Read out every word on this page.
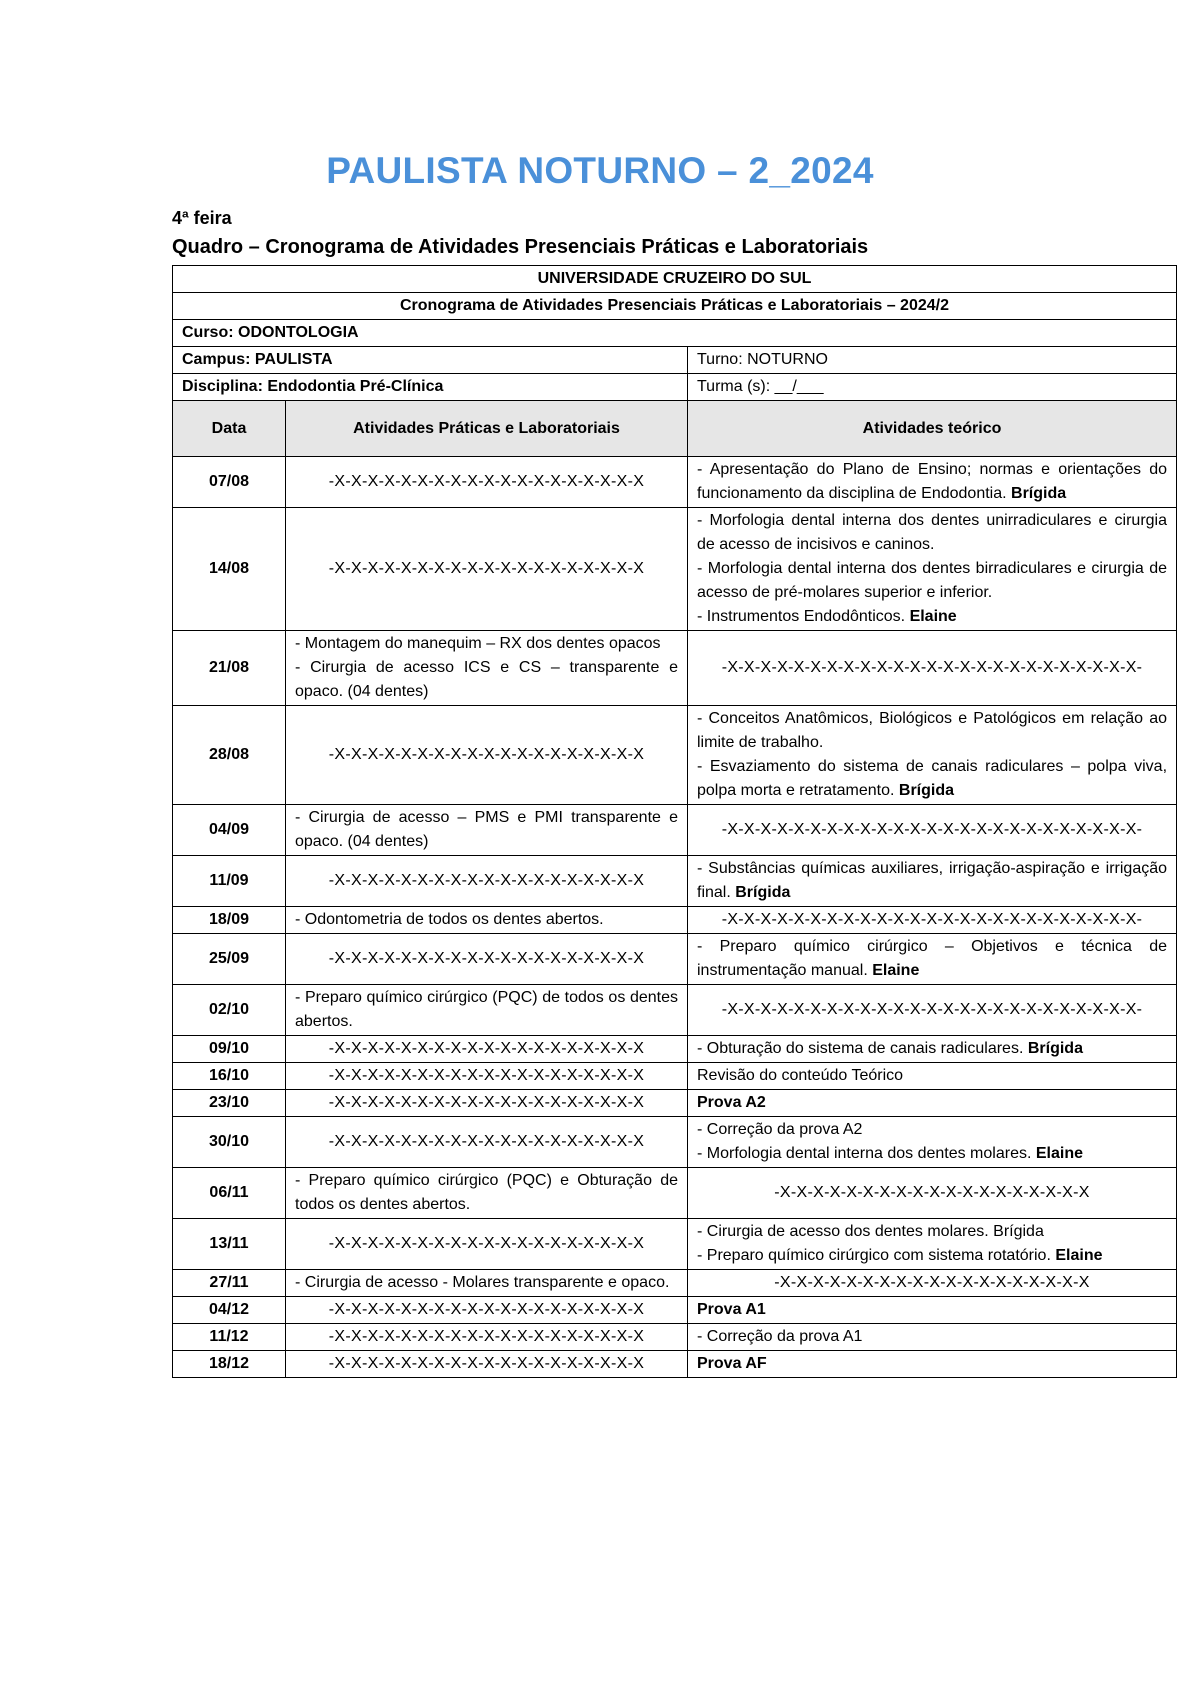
PAULISTA NOTURNO – 2_2024
4ª feira
Quadro – Cronograma de Atividades Presenciais Práticas e Laboratoriais
UNIVERSIDADE CRUZEIRO DO SUL		
Cronograma de Atividades Presenciais Práticas e Laboratoriais – 2024/2		
Curso: ODONTOLOGIA		
Campus: PAULISTA		Turno: NOTURNO
Disciplina: Endodontia Pré-Clínica		Turma (s): __/___
Data	Atividades Práticas e Laboratoriais	Atividades teórico
07/08	-X-X-X-X-X-X-X-X-X-X-X-X-X-X-X-X-X-X-X	- Apresentação do Plano de Ensino; normas e orientações do funcionamento da disciplina de Endodontia. Brígida
14/08	-X-X-X-X-X-X-X-X-X-X-X-X-X-X-X-X-X-X-X	- Morfologia dental interna dos dentes unirradiculares e cirurgia de acesso de incisivos e caninos.
- Morfologia dental interna dos dentes birradiculares e cirurgia de acesso de pré-molares superior e inferior.
- Instrumentos Endodônticos. Elaine
21/08	- Montagem do manequim – RX dos dentes opacos
- Cirurgia de acesso ICS e CS – transparente e opaco. (04 dentes)	-X-X-X-X-X-X-X-X-X-X-X-X-X-X-X-X-X-X-X-X-X-X-X-X-X-

28/08	-X-X-X-X-X-X-X-X-X-X-X-X-X-X-X-X-X-X-X	- Conceitos Anatômicos, Biológicos e Patológicos em relação ao limite de trabalho.
- Esvaziamento do sistema de canais radiculares – polpa viva, polpa morta e retratamento. Brígida
04/09	- Cirurgia de acesso – PMS e PMI transparente e opaco. (04 dentes)	-X-X-X-X-X-X-X-X-X-X-X-X-X-X-X-X-X-X-X-X-X-X-X-X-X-

11/09	-X-X-X-X-X-X-X-X-X-X-X-X-X-X-X-X-X-X-X	- Substâncias químicas auxiliares, irrigação-aspiração e irrigação final. Brígida
18/09	- Odontometria de todos os dentes abertos.	-X-X-X-X-X-X-X-X-X-X-X-X-X-X-X-X-X-X-X-X-X-X-X-X-X-

25/09	-X-X-X-X-X-X-X-X-X-X-X-X-X-X-X-X-X-X-X	- Preparo químico cirúrgico – Objetivos e técnica de instrumentação manual. Elaine
02/10	- Preparo químico cirúrgico (PQC) de todos os dentes abertos.	-X-X-X-X-X-X-X-X-X-X-X-X-X-X-X-X-X-X-X-X-X-X-X-X-X-

09/10	-X-X-X-X-X-X-X-X-X-X-X-X-X-X-X-X-X-X-X	- Obturação do sistema de canais radiculares. Brígida
16/10	-X-X-X-X-X-X-X-X-X-X-X-X-X-X-X-X-X-X-X	Revisão do conteúdo Teórico

23/10	-X-X-X-X-X-X-X-X-X-X-X-X-X-X-X-X-X-X-X	Prova A2
30/10	-X-X-X-X-X-X-X-X-X-X-X-X-X-X-X-X-X-X-X	- Correção da prova A2
- Morfologia dental interna dos dentes molares. Elaine
06/11	- Preparo químico cirúrgico (PQC) e Obturação de todos os dentes abertos.	-X-X-X-X-X-X-X-X-X-X-X-X-X-X-X-X-X-X-X

13/11	-X-X-X-X-X-X-X-X-X-X-X-X-X-X-X-X-X-X-X	- Cirurgia de acesso dos dentes molares. Brígida
- Preparo químico cirúrgico com sistema rotatório. Elaine
27/11	- Cirurgia de acesso - Molares transparente e opaco.	-X-X-X-X-X-X-X-X-X-X-X-X-X-X-X-X-X-X-X

04/12	-X-X-X-X-X-X-X-X-X-X-X-X-X-X-X-X-X-X-X	Prova A1
11/12	-X-X-X-X-X-X-X-X-X-X-X-X-X-X-X-X-X-X-X	- Correção da prova A1

18/12	-X-X-X-X-X-X-X-X-X-X-X-X-X-X-X-X-X-X-X	Prova AF
